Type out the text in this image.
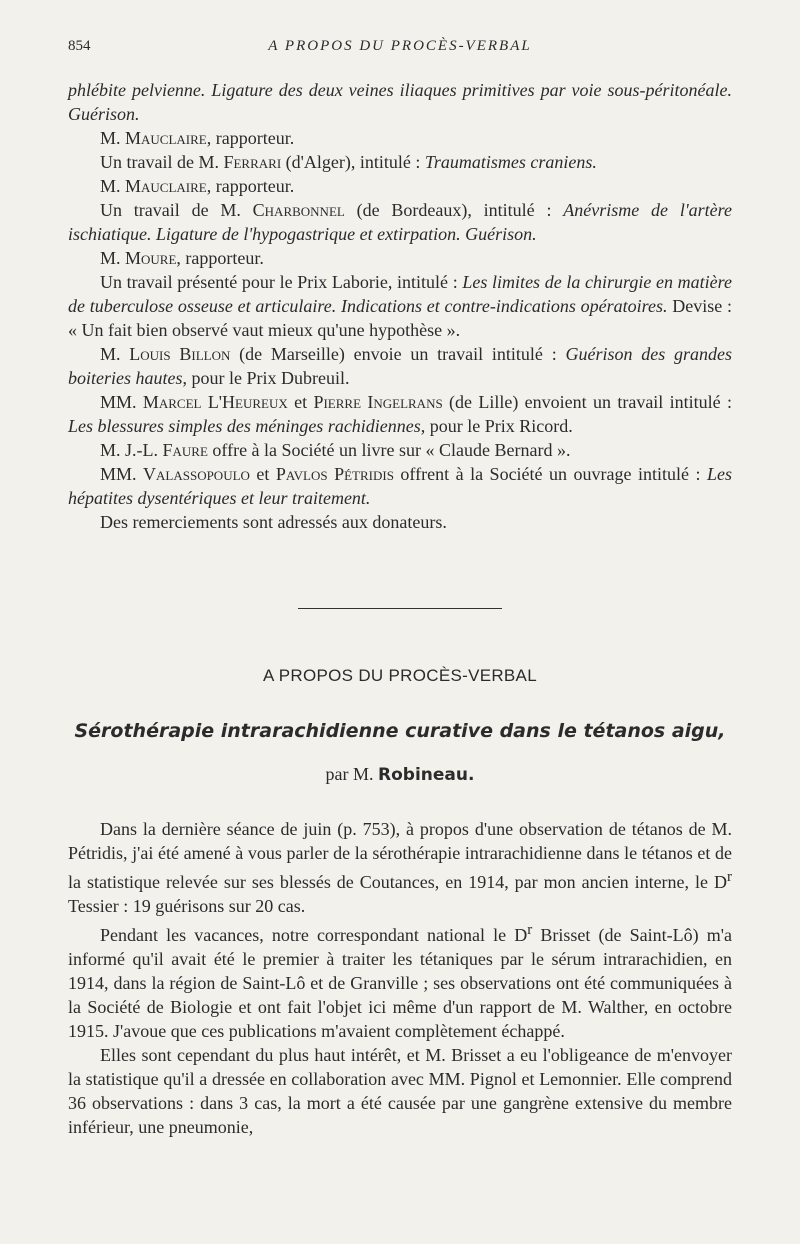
854	A PROPOS DU PROCÈS-VERBAL

phlébite pelvienne. Ligature des deux veines iliaques primitives par voie sous-péritonéale. Guérison.

M. Mauclaire, rapporteur.

Un travail de M. Ferrari (d'Alger), intitulé : Traumatismes craniens.

M. Mauclaire, rapporteur.

Un travail de M. Charbonnel (de Bordeaux), intitulé : Anévrisme de l'artère ischiatique. Ligature de l'hypogastrique et extirpation. Guérison.

M. Moure, rapporteur.

Un travail présenté pour le Prix Laborie, intitulé : Les limites de la chirurgie en matière de tuberculose osseuse et articulaire. Indications et contre-indications opératoires. Devise : « Un fait bien observé vaut mieux qu'une hypothèse ».

M. Louis Billon (de Marseille) envoie un travail intitulé : Guérison des grandes boiteries hautes, pour le Prix Dubreuil.

MM. Marcel L'Heureux et Pierre Ingelrans (de Lille) envoient un travail intitulé : Les blessures simples des méninges rachidiennes, pour le Prix Ricord.

M. J.-L. Faure offre à la Société un livre sur « Claude Bernard ».

MM. Valassopoulo et Pavlos Pétridis offrent à la Société un ouvrage intitulé : Les hépatites dysentériques et leur traitement.

Des remerciements sont adressés aux donateurs.

A PROPOS DU PROCÈS-VERBAL
Sérothérapie intrarachidienne curative dans le tétanos aigu,
par M. Robineau.

Dans la dernière séance de juin (p. 753), à propos d'une observation de tétanos de M. Pétridis, j'ai été amené à vous parler de la sérothérapie intrarachidienne dans le tétanos et de la statistique relevée sur ses blessés de Coutances, en 1914, par mon ancien interne, le $D^r$ Tessier : 19 guérisons sur 20 cas.

Pendant les vacances, notre correspondant national le $D^r$ Brisset (de Saint-Lô) m'a informé qu'il avait été le premier à traiter les tétaniques par le sérum intrarachidien, en 1914, dans la région de Saint-Lô et de Granville ; ses observations ont été communiquées à la Société de Biologie et ont fait l'objet ici même d'un rapport de M. Walther, en octobre 1915. J'avoue que ces publications m'avaient complètement échappé.

Elles sont cependant du plus haut intérêt, et M. Brisset a eu l'obligeance de m'envoyer la statistique qu'il a dressée en collaboration avec MM. Pignol et Lemonnier. Elle comprend 36 observations : dans 3 cas, la mort a été causée par une gangrène extensive du membre inférieur, une pneumonie,
